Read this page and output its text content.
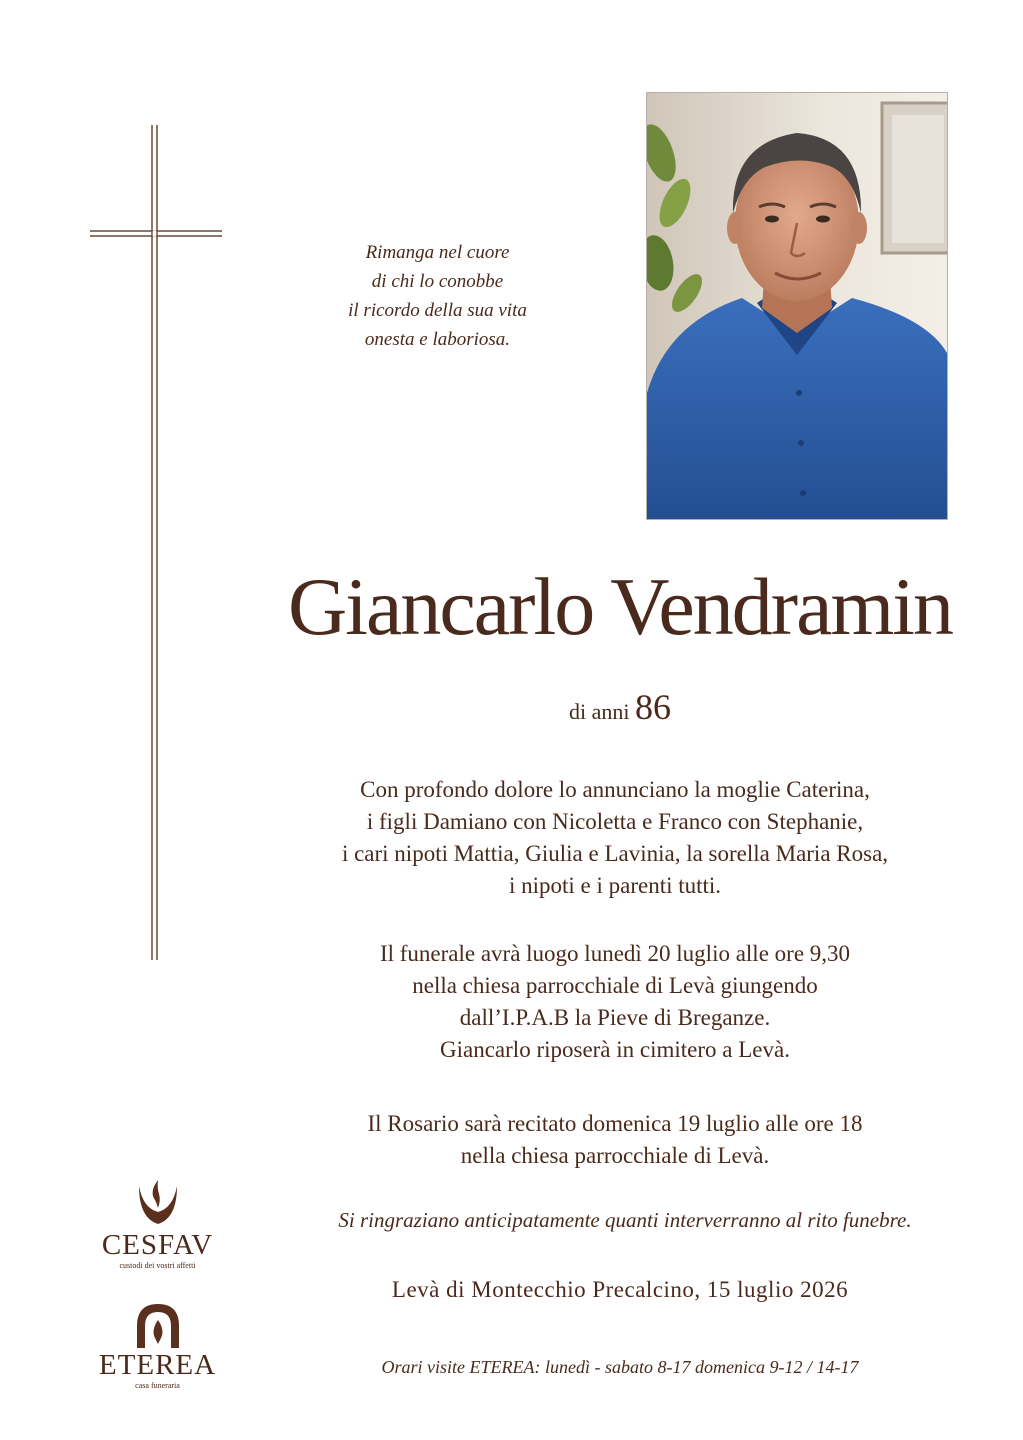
Rimanga nel cuore
di chi lo conobbe
il ricordo della sua vita
onesta e laboriosa.
Giancarlo Vendramin
di anni 86
Con profondo dolore lo annunciano la moglie Caterina,
i figli Damiano con Nicoletta e Franco con Stephanie,
i cari nipoti Mattia, Giulia e Lavinia, la sorella Maria Rosa,
i nipoti e i parenti tutti.
Il funerale avrà luogo lunedì 20 luglio alle ore 9,30
nella chiesa parrocchiale di Levà giungendo
dall’I.P.A.B la Pieve di Breganze.
Giancarlo riposerà in cimitero a Levà.
Il Rosario sarà recitato domenica 19 luglio alle ore 18
nella chiesa parrocchiale di Levà.
Si ringraziano anticipatamente quanti interverranno al rito funebre.
Levà di Montecchio Precalcino, 15 luglio 2026
Orari visite ETEREA: lunedì - sabato 8-17 domenica 9-12 / 14-17
CESFAV
custodi dei vostri affetti
ETEREA
casa funeraria
